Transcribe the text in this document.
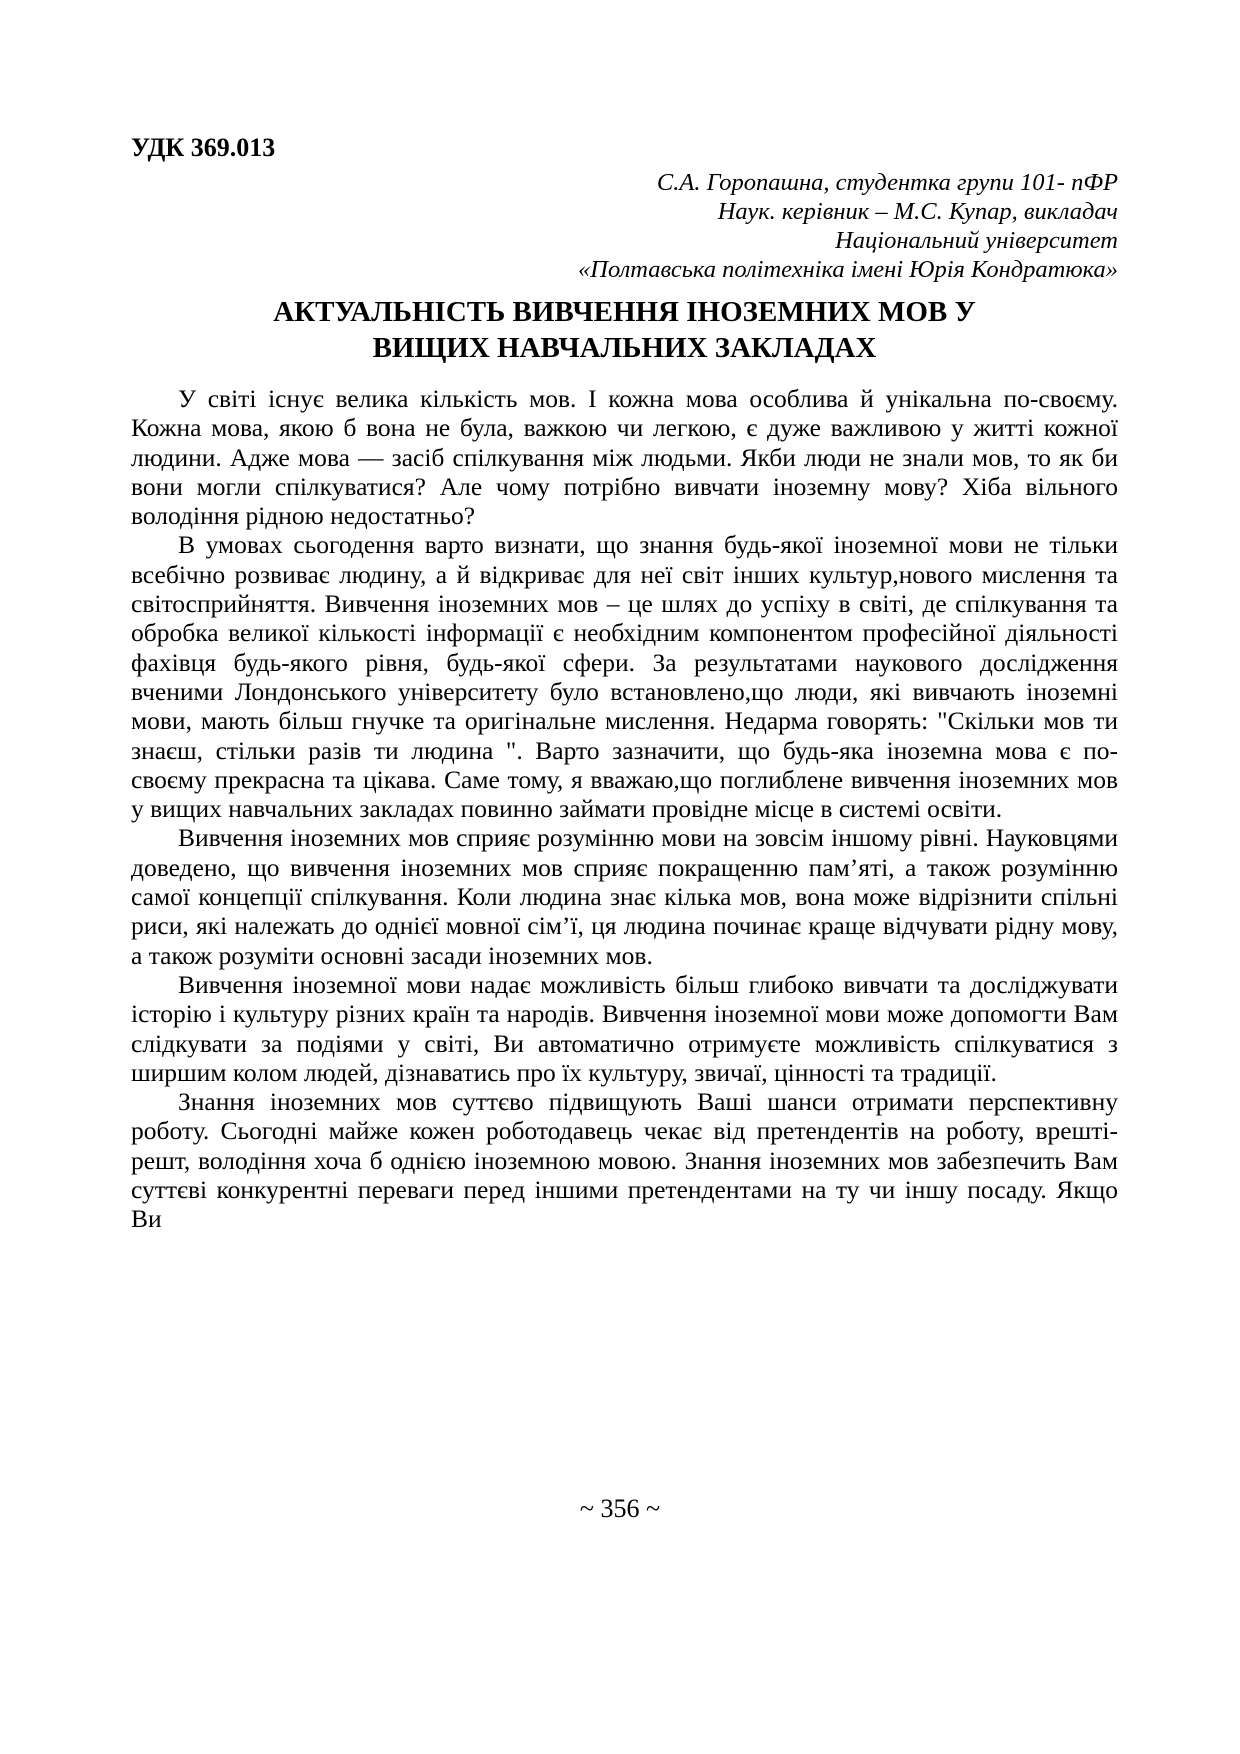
УДК 369.013
С.А. Горопашна, студентка групи 101- пФР
Наук. керівник – М.С. Купар, викладач
Національний університет
«Полтавська політехніка імені Юрія Кондратюка»
АКТУАЛЬНІСТЬ ВИВЧЕННЯ ІНОЗЕМНИХ МОВ У
ВИЩИХ НАВЧАЛЬНИХ ЗАКЛАДАХ

У світі існує велика кількість мов. І кожна мова особлива й унікальна по-своєму. Кожна мова, якою б вона не була, важкою чи легкою, є дуже важливою у житті кожної людини. Адже мова — засіб спілкування між людьми. Якби люди не знали мов, то як би вони могли спілкуватися? Але чому потрібно вивчати іноземну мову? Хіба вільного володіння рідною недостатньо?

В умовах сьогодення варто визнати, що знання будь-якої іноземної мови не тільки всебічно розвиває людину, а й відкриває для неї світ інших культур,нового мислення та світосприйняття. Вивчення іноземних мов – це шлях до успіху в світі, де спілкування та обробка великої кількості інформації є необхідним компонентом професійної діяльності фахівця будь-якого рівня, будь-якої сфери. За результатами наукового дослідження вченими Лондонського університету було встановлено,що люди, які вивчають іноземні мови, мають більш гнучке та оригінальне мислення. Недарма говорять: "Скільки мов ти знаєш, стільки разів ти людина ". Варто зазначити, що будь-яка іноземна мова є по- своєму прекрасна та цікава. Саме тому, я вважаю,що поглиблене вивчення іноземних мов у вищих навчальних закладах повинно займати провідне місце в системі освіти.

Вивчення іноземних мов сприяє розумінню мови на зовсім іншому рівні. Науковцями доведено, що вивчення іноземних мов сприяє покращенню пам’яті, а також розумінню самої концепції спілкування. Коли людина знає кілька мов, вона може відрізнити спільні риси, які належать до однієї мовної сім’ї, ця людина починає краще відчувати рідну мову, а також розуміти основні засади іноземних мов.

Вивчення іноземної мови надає можливість більш глибоко вивчати та досліджувати історію і культуру різних країн та народів. Вивчення іноземної мови може допомогти Вам слідкувати за подіями у світі, Ви автоматично отримуєте можливість спілкуватися з ширшим колом людей, дізнаватись про їх культуру, звичаї, цінності та традиції.

Знання іноземних мов суттєво підвищують Ваші шанси отримати перспективну роботу. Сьогодні майже кожен роботодавець чекає від претендентів на роботу, врешті-решт, володіння хоча б однією іноземною мовою. Знання іноземних мов забезпечить Вам суттєві конкурентні переваги перед іншими претендентами на ту чи іншу посаду. Якщо Ви

~ 356 ~
